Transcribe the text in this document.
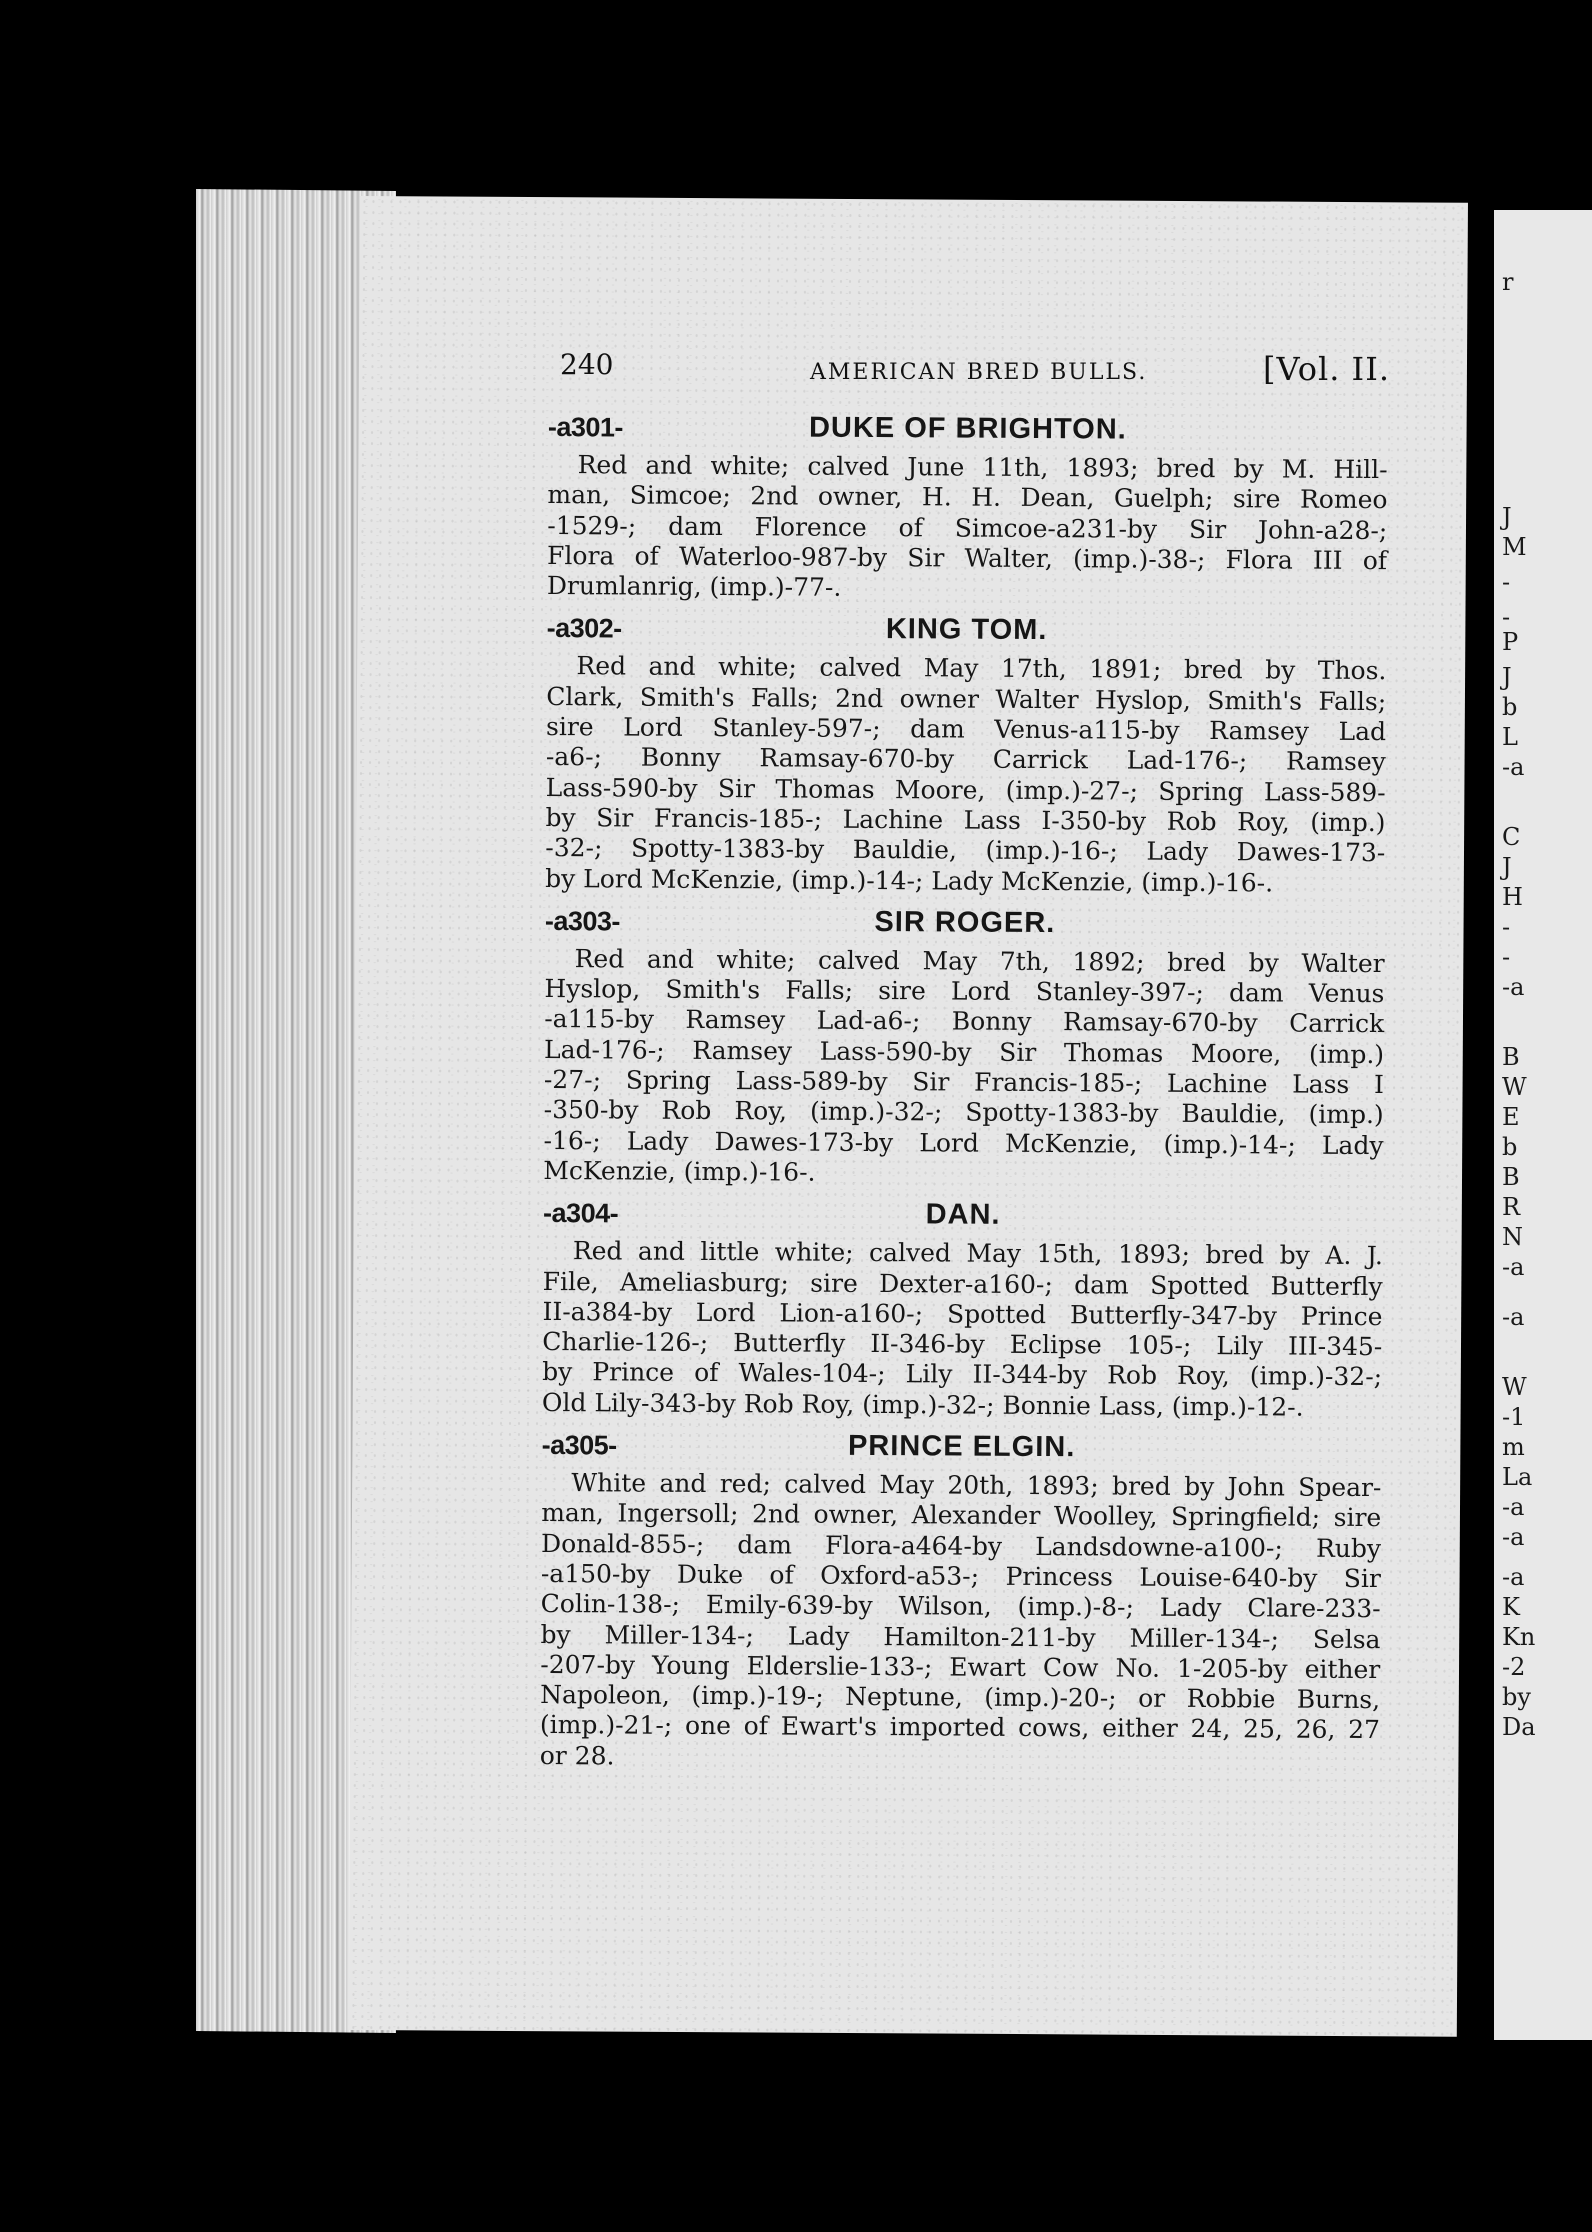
r
J
M
-
-
P
J
b
L
-a
C
J
H
-
-
-a
B
W
E
b
B
R
N
-a
-a
W
-1
m
La
-a
-a
-a
K
Kn
-2
by
Da
240	AMERICAN BRED BULLS.	[Vol. II.
-a301-	DUKE OF BRIGHTON.
Red and white; calved June 11th, 1893; bred by M. Hill-
man, Simcoe; 2nd owner, H. H. Dean, Guelph; sire Romeo
-1529-; dam Florence of Simcoe-a231-by Sir John-a28-;
Flora of Waterloo-987-by Sir Walter, (imp.)-38-; Flora III of
Drumlanrig, (imp.)-77-.
-a302-	KING TOM.
Red and white; calved May 17th, 1891; bred by Thos.
Clark, Smith's Falls; 2nd owner Walter Hyslop, Smith's Falls;
sire Lord Stanley-597-; dam Venus-a115-by Ramsey Lad
-a6-; Bonny Ramsay-670-by Carrick Lad-176-; Ramsey
Lass-590-by Sir Thomas Moore, (imp.)-27-; Spring Lass-589-
by Sir Francis-185-; Lachine Lass I-350-by Rob Roy, (imp.)
-32-; Spotty-1383-by Bauldie, (imp.)-16-; Lady Dawes-173-
by Lord McKenzie, (imp.)-14-; Lady McKenzie, (imp.)-16-.
-a303-	SIR ROGER.
Red and white; calved May 7th, 1892; bred by Walter
Hyslop, Smith's Falls; sire Lord Stanley-397-; dam Venus
-a115-by Ramsey Lad-a6-; Bonny Ramsay-670-by Carrick
Lad-176-; Ramsey Lass-590-by Sir Thomas Moore, (imp.)
-27-; Spring Lass-589-by Sir Francis-185-; Lachine Lass I
-350-by Rob Roy, (imp.)-32-; Spotty-1383-by Bauldie, (imp.)
-16-; Lady Dawes-173-by Lord McKenzie, (imp.)-14-; Lady
McKenzie, (imp.)-16-.
-a304-	DAN.
Red and little white; calved May 15th, 1893; bred by A. J.
File, Ameliasburg; sire Dexter-a160-; dam Spotted Butterfly
II-a384-by Lord Lion-a160-; Spotted Butterfly-347-by Prince
Charlie-126-; Butterfly II-346-by Eclipse 105-; Lily III-345-
by Prince of Wales-104-; Lily II-344-by Rob Roy, (imp.)-32-;
Old Lily-343-by Rob Roy, (imp.)-32-; Bonnie Lass, (imp.)-12-.
-a305-	PRINCE ELGIN.
White and red; calved May 20th, 1893; bred by John Spear-
man, Ingersoll; 2nd owner, Alexander Woolley, Springfield; sire
Donald-855-; dam Flora-a464-by Landsdowne-a100-; Ruby
-a150-by Duke of Oxford-a53-; Princess Louise-640-by Sir
Colin-138-; Emily-639-by Wilson, (imp.)-8-; Lady Clare-233-
by Miller-134-; Lady Hamilton-211-by Miller-134-; Selsa
-207-by Young Elderslie-133-; Ewart Cow No. 1-205-by either
Napoleon, (imp.)-19-; Neptune, (imp.)-20-; or Robbie Burns,
(imp.)-21-; one of Ewart's imported cows, either 24, 25, 26, 27
or 28.
